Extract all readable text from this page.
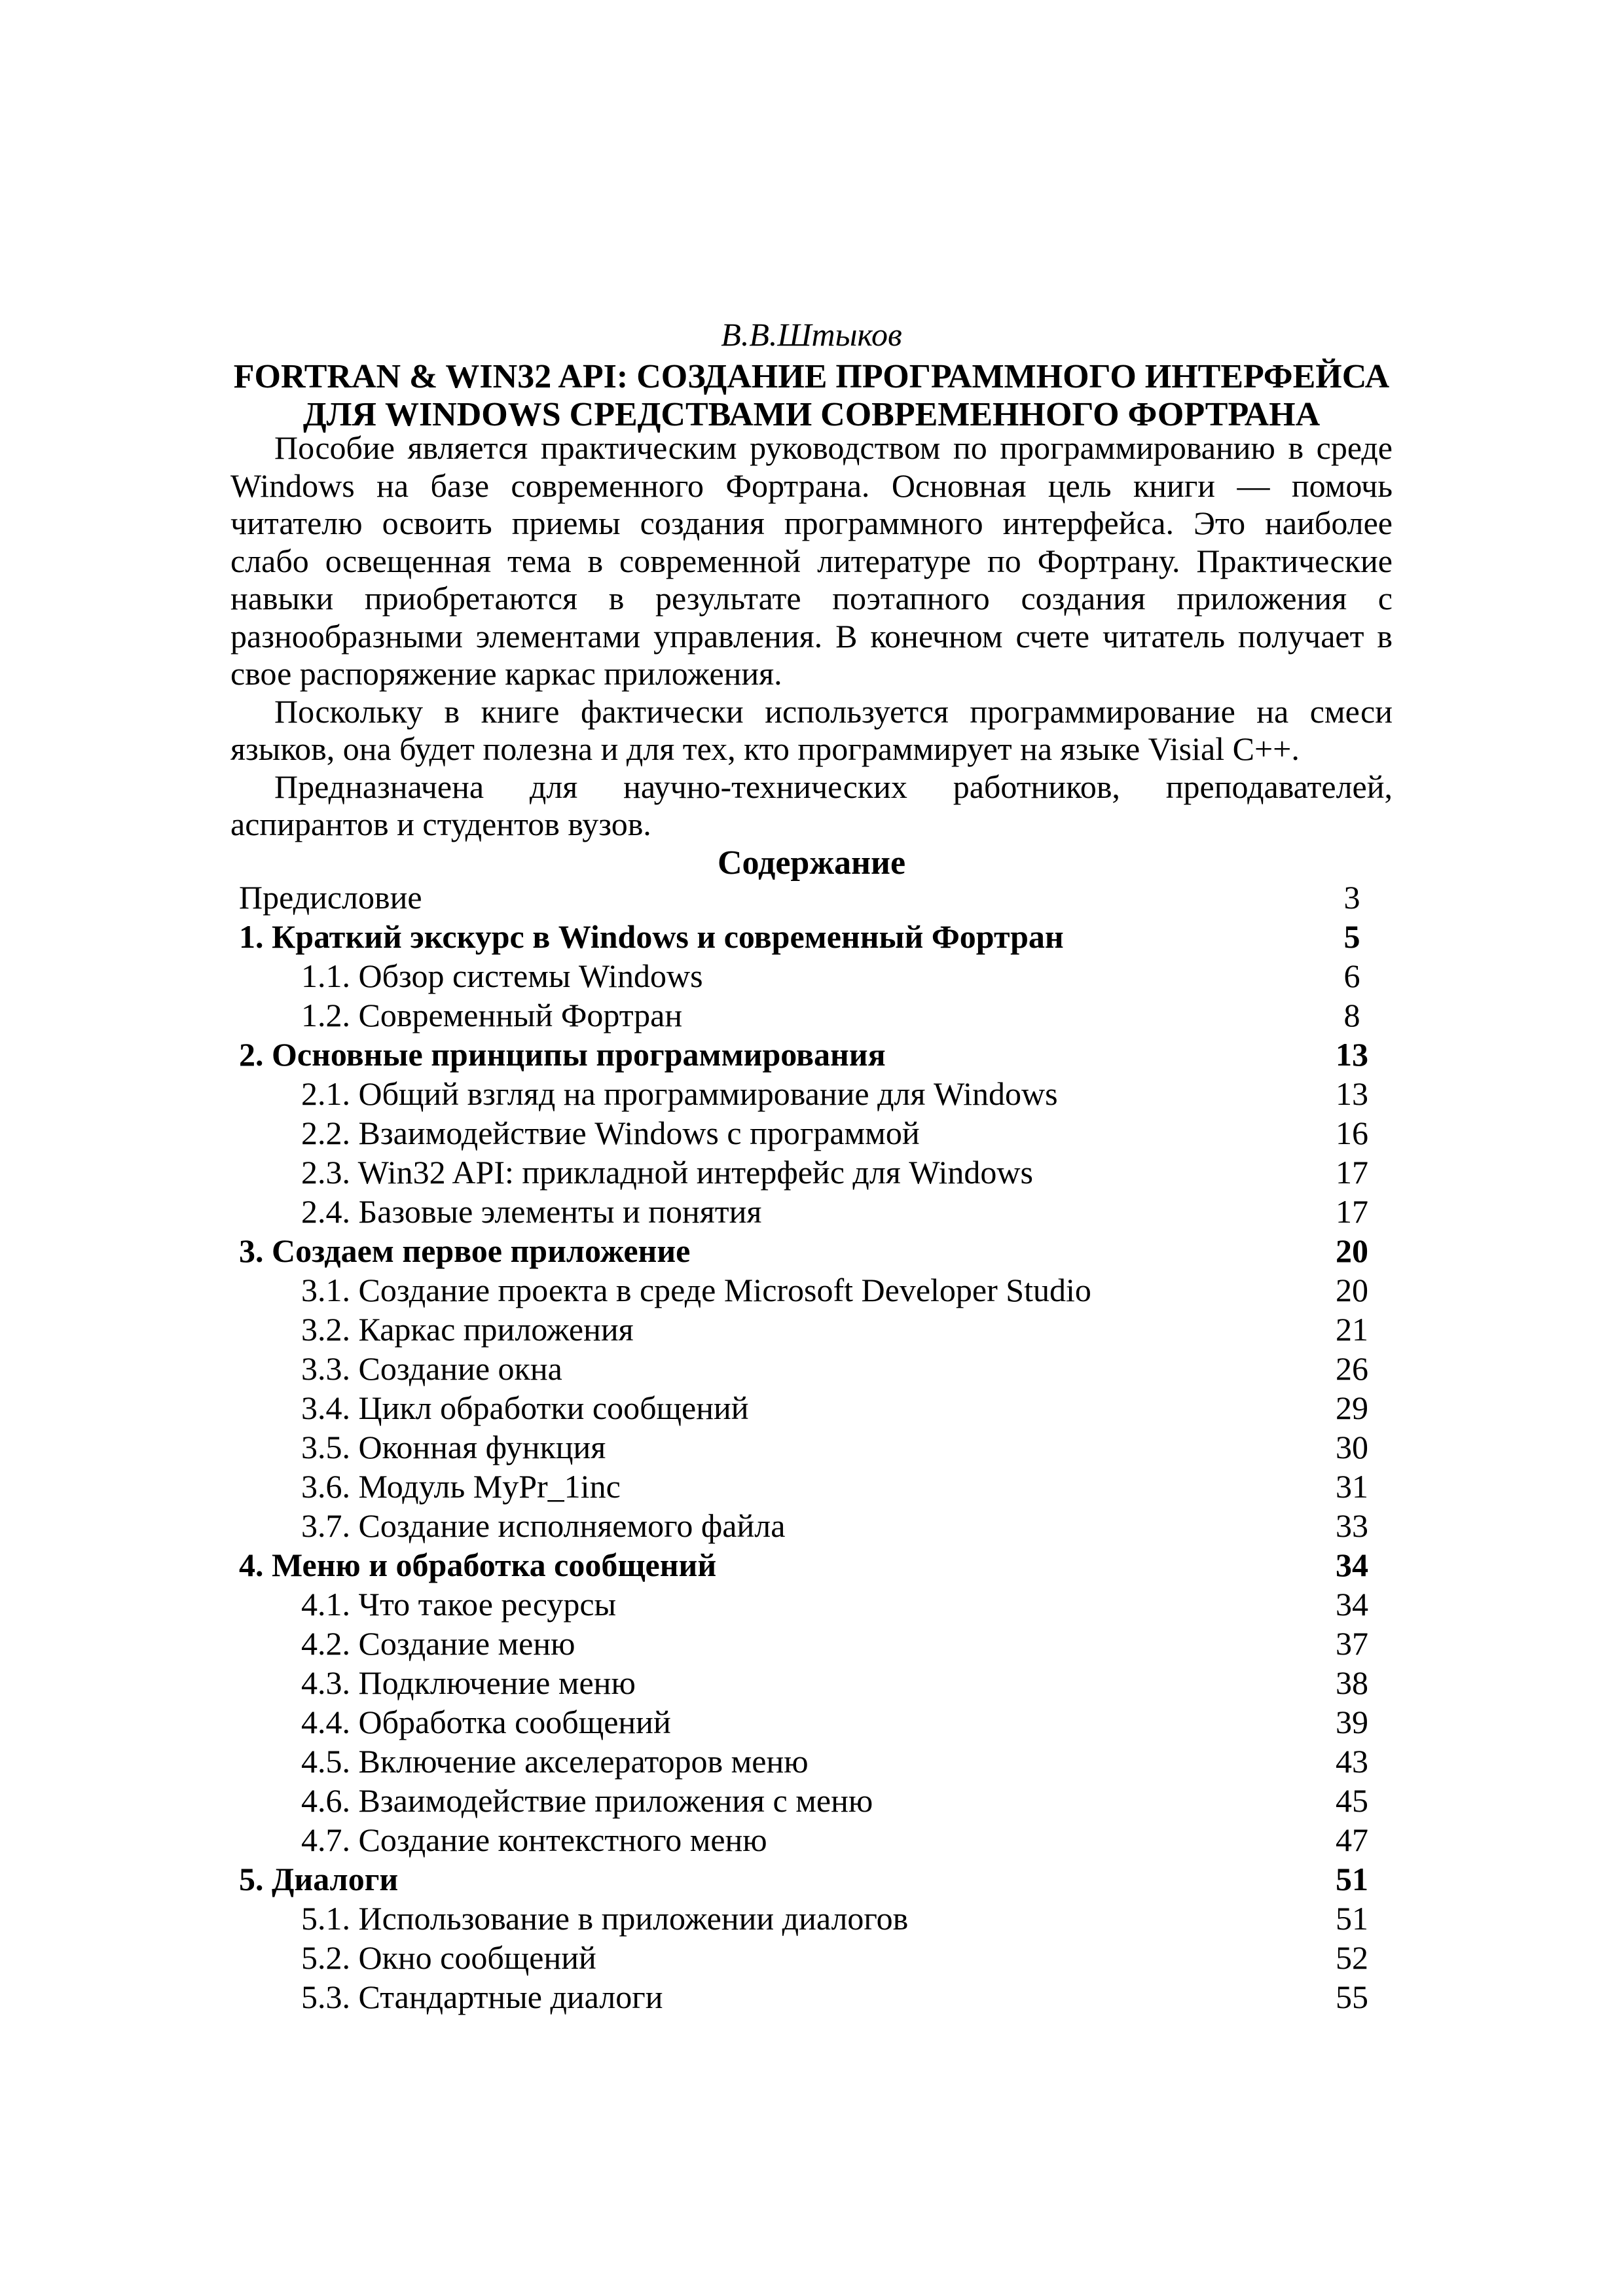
В.В.Штыков
FORTRAN & WIN32 API: СОЗДАНИЕ ПРОГРАММНОГО ИНТЕРФЕЙСА
ДЛЯ WINDOWS СРЕДСТВАМИ СОВРЕМЕННОГО ФОРТРАНА

Пособие является практическим руководством по программированию в среде Windows на базе современного Фортрана. Основная цель книги — помочь читателю освоить приемы создания программного интерфейса. Это наиболее слабо освещенная тема в современной литературе по Фортрану. Практические навыки приобретаются в результате поэтапного создания приложения с разнообразными элементами управления. В конечном счете читатель получает в свое распоряжение каркас приложения.

Поскольку в книге фактически используется программирование на смеси языков, она будет полезна и для тех, кто программирует на языке Visial C++.

Предназначена для научно-технических работников, преподавателей, аспирантов и студентов вузов.

Содержание
Предисловие	3
1. Краткий экскурс в Windows и современный Фортран	5
1.1. Обзор системы Windows	6
1.2. Современный Фортран	8
2. Основные принципы программирования	13
2.1. Общий взгляд на программирование для Windows	13
2.2. Взаимодействие Windows с программой	16
2.3. Win32 API: прикладной интерфейс для Windows	17
2.4. Базовые элементы и понятия	17
3. Создаем первое приложение	20
3.1. Создание проекта в среде Microsoft Developer Studio	20
3.2. Каркас приложения	21
3.3. Создание окна	26
3.4. Цикл обработки сообщений	29
3.5. Оконная функция	30
3.6. Модуль MyPr_1inc	31
3.7. Создание исполняемого файла	33
4. Меню и обработка сообщений	34
4.1. Что такое ресурсы	34
4.2. Создание меню	37
4.3. Подключение меню	38
4.4. Обработка сообщений	39
4.5. Включение акселераторов меню	43
4.6. Взаимодействие приложения с меню	45
4.7. Создание контекстного меню	47
5. Диалоги	51
5.1. Использование в приложении диалогов	51
5.2. Окно сообщений	52
5.3. Стандартные диалоги	55
